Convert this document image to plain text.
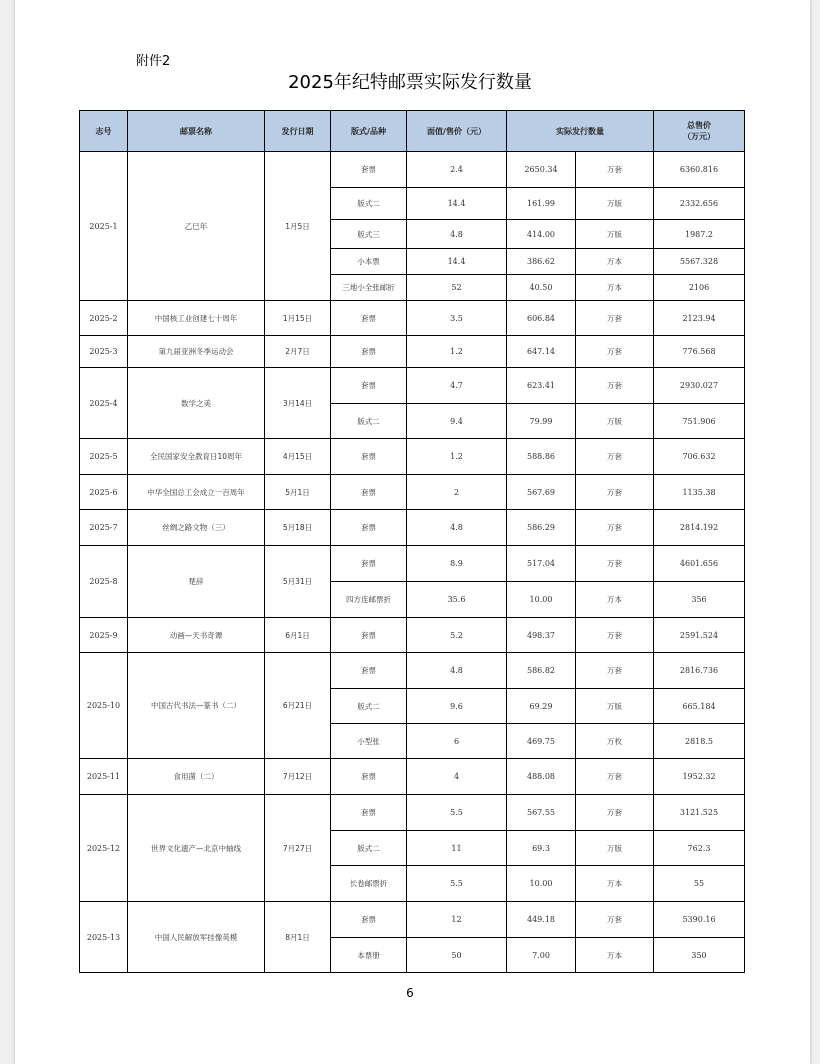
附件2
2025年纪特邮票实际发行数量
志号	邮票名称	发行日期	版式/品种	面值/售价（元）	实际发行数量		总售价
（万元）

2025-1	乙巳年	1月5日	套票	2.4	2650.34	万套	6360.816
			版式二	14.4	161.99	万版	2332.656
			版式三	4.8	414.00	万版	1987.2
			小本票	14.4	386.62	万本	5567.328
			三地小全张邮折	52	40.50	万本	2106
2025-2	中国核工业创建七十周年	1月15日	套票	3.5	606.84	万套	2123.94
2025-3	第九届亚洲冬季运动会	2月7日	套票	1.2	647.14	万套	776.568
2025-4	数学之美	3月14日	套票	4.7	623.41	万套	2930.027
			版式二	9.4	79.99	万版	751.906
2025-5	全民国家安全教育日10周年	4月15日	套票	1.2	588.86	万套	706.632
2025-6	中华全国总工会成立一百周年	5月1日	套票	2	567.69	万套	1135.38
2025-7	丝绸之路文物（三）	5月18日	套票	4.8	586.29	万套	2814.192
2025-8	楚辞	5月31日	套票	8.9	517.04	万套	4601.656
			四方连邮票折	35.6	10.00	万本	356
2025-9	动画—天书奇谭	6月1日	套票	5.2	498.37	万套	2591.524
2025-10	中国古代书法—篆书（二）	6月21日	套票	4.8	586.82	万套	2816.736
			版式二	9.6	69.29	万版	665.184
			小型张	6	469.75	万枚	2818.5
2025-11	食用菌（二）	7月12日	套票	4	488.08	万套	1952.32
2025-12	世界文化遗产—北京中轴线	7月27日	套票	5.5	567.55	万套	3121.525
			版式二	11	69.3	万版	762.3
			长卷邮票折	5.5	10.00	万本	55
2025-13	中国人民解放军挂像英模	8月1日	套票	12	449.18	万套	5390.16
			本票册	50	7.00	万本	350
6
